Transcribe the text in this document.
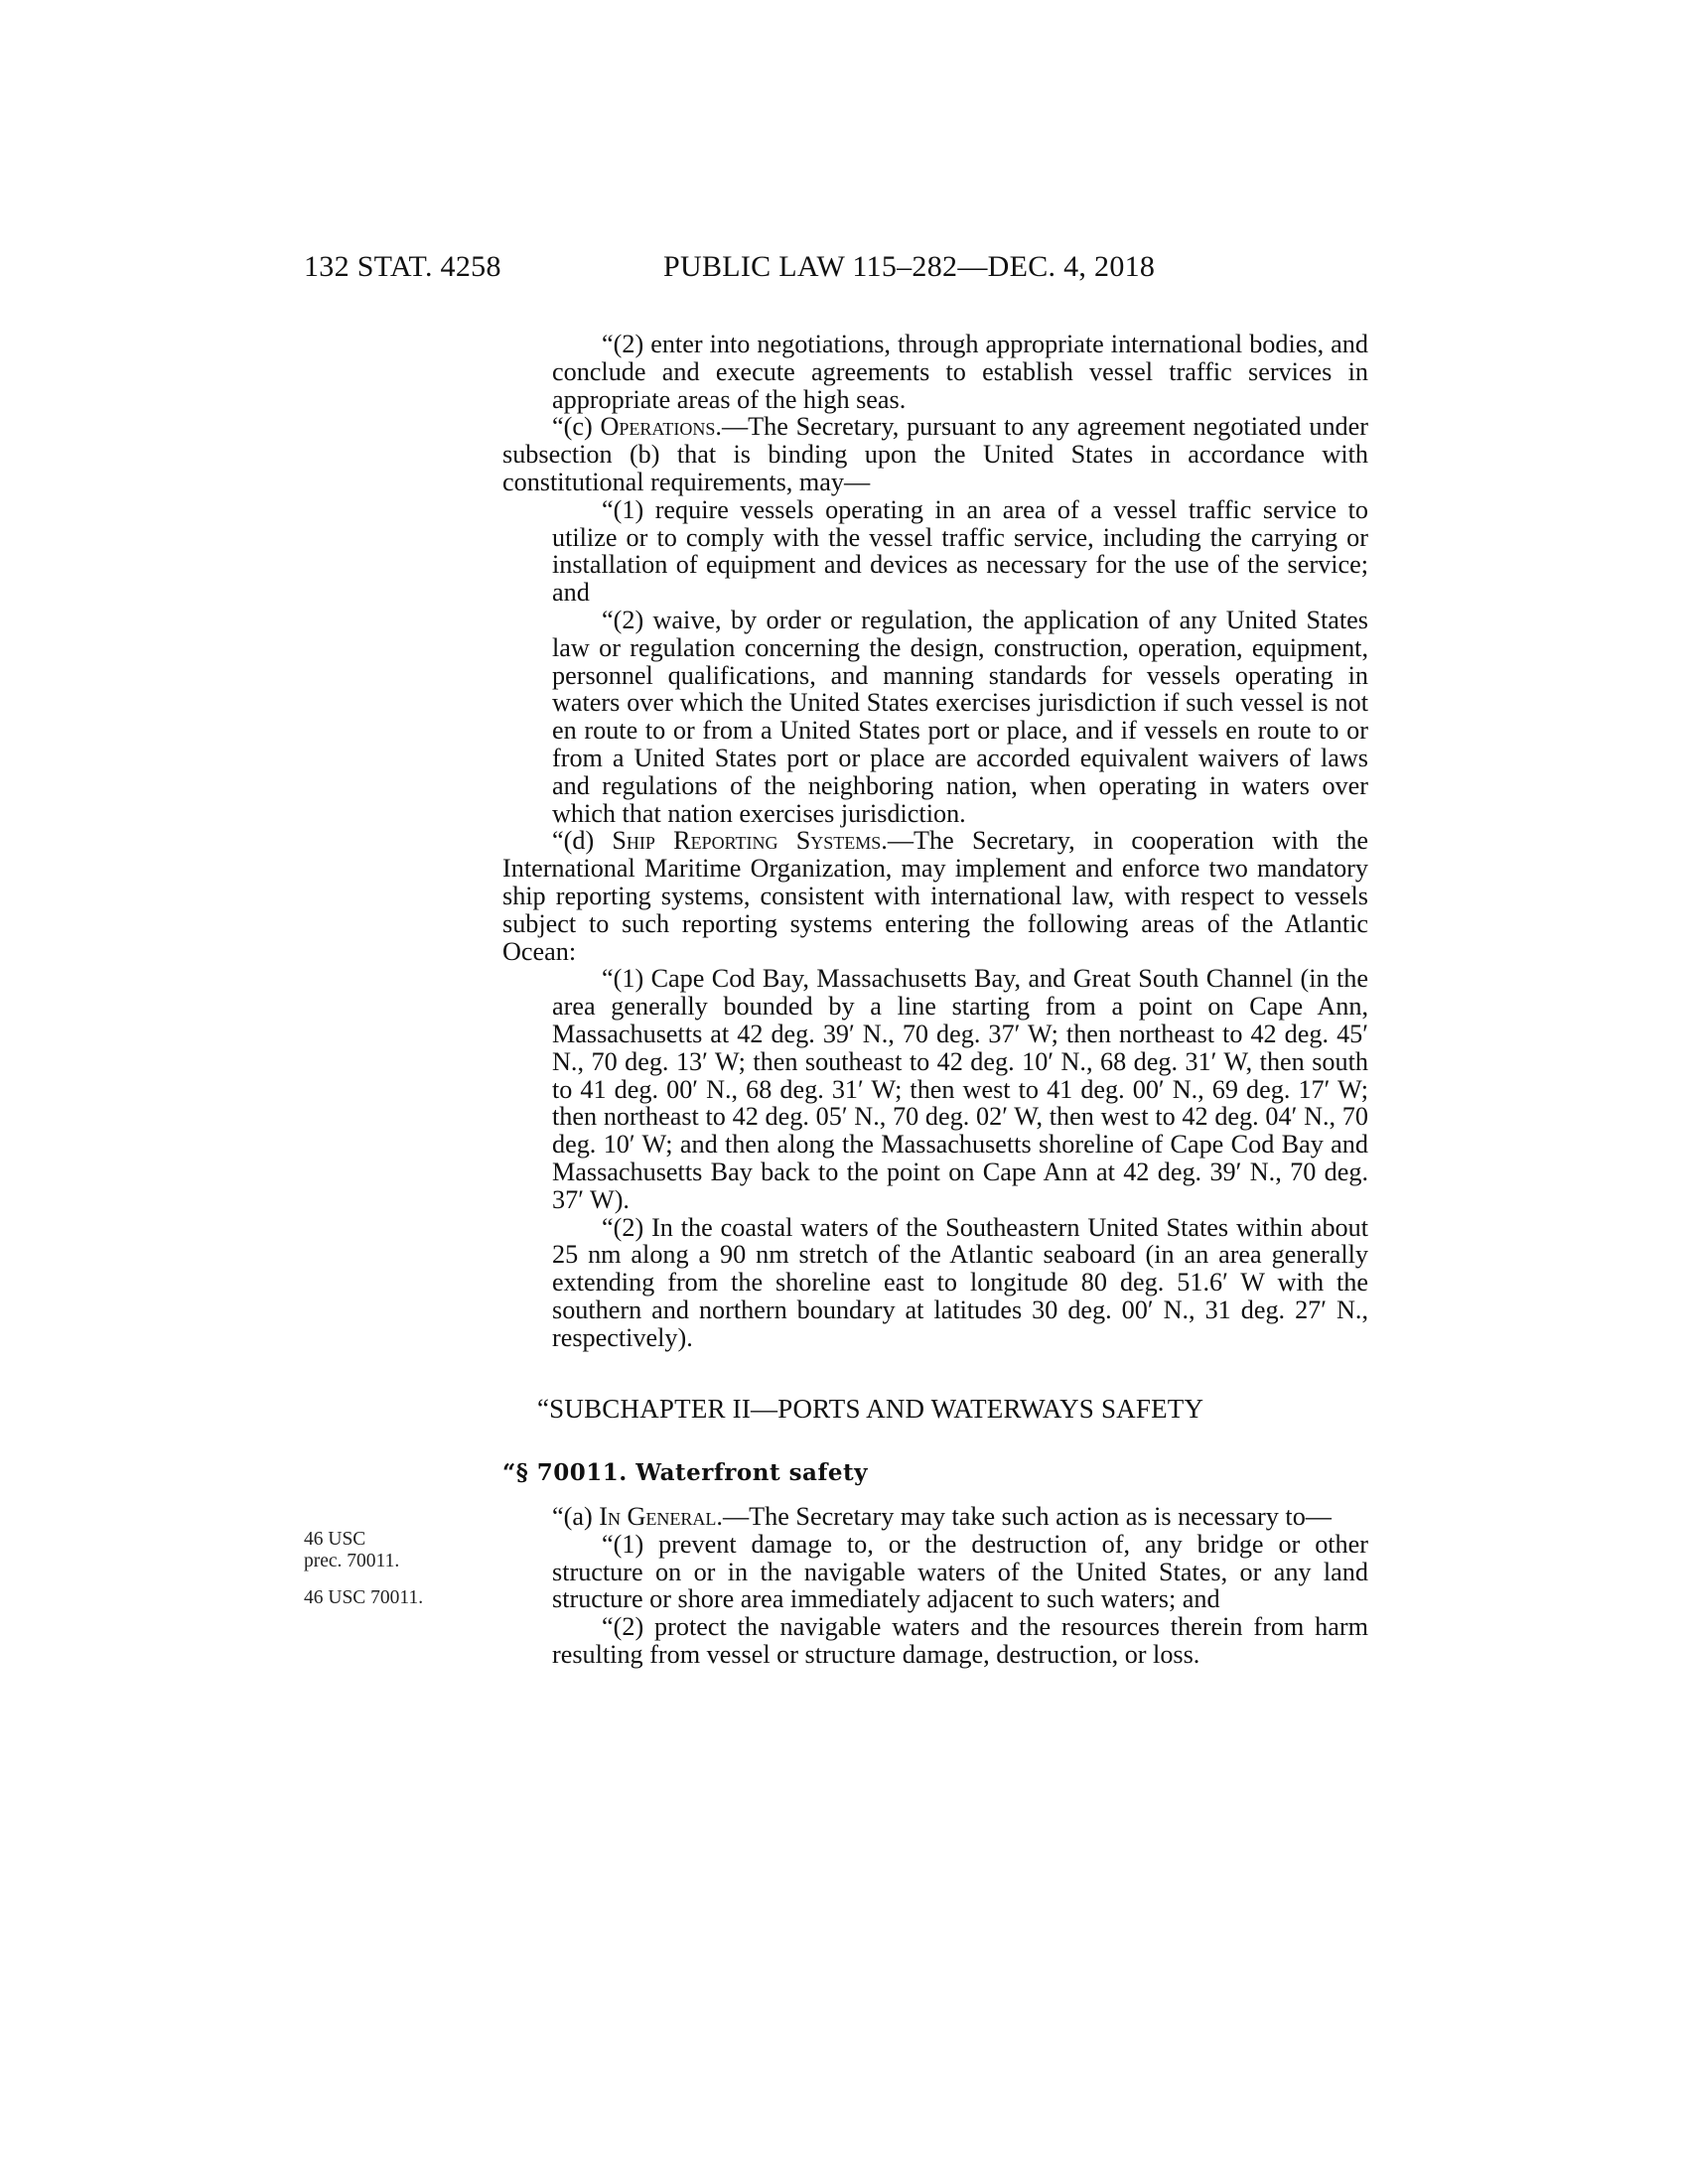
132 STAT. 4258	PUBLIC LAW 115–282—DEC. 4, 2018

“(2) enter into negotiations, through appropriate international bodies, and conclude and execute agreements to establish vessel traffic services in appropriate areas of the high seas.

“(c) Operations.—The Secretary, pursuant to any agreement negotiated under subsection (b) that is binding upon the United States in accordance with constitutional requirements, may—

“(1) require vessels operating in an area of a vessel traffic service to utilize or to comply with the vessel traffic service, including the carrying or installation of equipment and devices as necessary for the use of the service; and

“(2) waive, by order or regulation, the application of any United States law or regulation concerning the design, construction, operation, equipment, personnel qualifications, and manning standards for vessels operating in waters over which the United States exercises jurisdiction if such vessel is not en route to or from a United States port or place, and if vessels en route to or from a United States port or place are accorded equivalent waivers of laws and regulations of the neighboring nation, when operating in waters over which that nation exercises jurisdiction.

“(d) Ship Reporting Systems.—The Secretary, in cooperation with the International Maritime Organization, may implement and enforce two mandatory ship reporting systems, consistent with international law, with respect to vessels subject to such reporting systems entering the following areas of the Atlantic Ocean:

“(1) Cape Cod Bay, Massachusetts Bay, and Great South Channel (in the area generally bounded by a line starting from a point on Cape Ann, Massachusetts at 42 deg. 39′ N., 70 deg. 37′ W; then northeast to 42 deg. 45′ N., 70 deg. 13′ W; then southeast to 42 deg. 10′ N., 68 deg. 31′ W, then south to 41 deg. 00′ N., 68 deg. 31′ W; then west to 41 deg. 00′ N., 69 deg. 17′ W; then northeast to 42 deg. 05′ N., 70 deg. 02′ W, then west to 42 deg. 04′ N., 70 deg. 10′ W; and then along the Massachusetts shoreline of Cape Cod Bay and Massachusetts Bay back to the point on Cape Ann at 42 deg. 39′ N., 70 deg. 37′ W).

“(2) In the coastal waters of the Southeastern United States within about 25 nm along a 90 nm stretch of the Atlantic seaboard (in an area generally extending from the shoreline east to longitude 80 deg. 51.6′ W with the southern and northern boundary at latitudes 30 deg. 00′ N., 31 deg. 27′ N., respectively).

“SUBCHAPTER II—PORTS AND WATERWAYS SAFETY

“§ 70011. Waterfront safety

“(a) In General.—The Secretary may take such action as is necessary to—

“(1) prevent damage to, or the destruction of, any bridge or other structure on or in the navigable waters of the United States, or any land structure or shore area immediately adjacent to such waters; and

“(2) protect the navigable waters and the resources therein from harm resulting from vessel or structure damage, destruction, or loss.

46 USC
prec. 70011.
46 USC 70011.
